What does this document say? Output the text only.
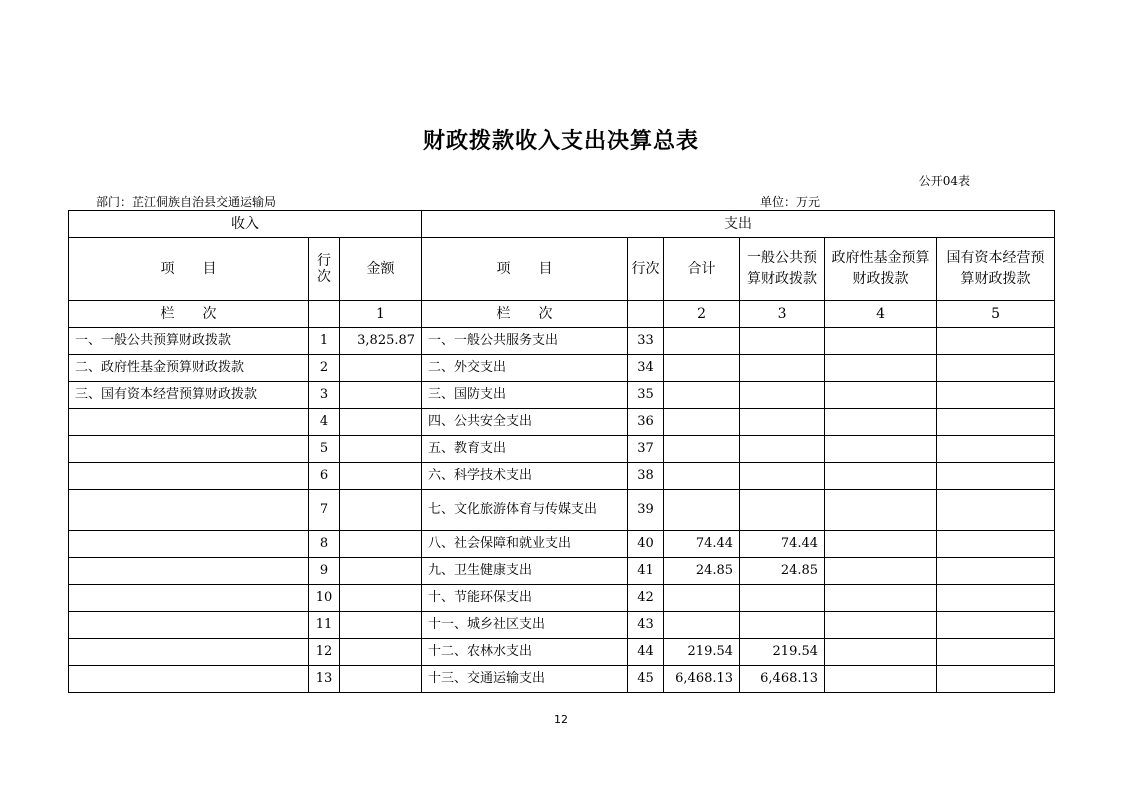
财政拨款收入支出决算总表
公开04表
部门：芷江侗族自治县交通运输局	单位：万元
收入			支出					
项　　目	行次	金额	项　　目	行次	合计	一般公共预算财政拨款	政府性基金预算财政拨款	国有资本经营预算财政拨款
栏　　次		1	栏　　次		2	3	4	5
一、一般公共预算财政拨款	1	3,825.87	一、一般公共服务支出	33				
二、政府性基金预算财政拨款	2		二、外交支出	34				
三、国有资本经营预算财政拨款	3		三、国防支出	35				
	4		四、公共安全支出	36				
	5		五、教育支出	37				
	6		六、科学技术支出	38				
	7		七、文化旅游体育与传媒支出	39				
	8		八、社会保障和就业支出	40	74.44	74.44		
	9		九、卫生健康支出	41	24.85	24.85		
	10		十、节能环保支出	42				
	11		十一、城乡社区支出	43				
	12		十二、农林水支出	44	219.54	219.54		
	13		十三、交通运输支出	45	6,468.13	6,468.13		
12
